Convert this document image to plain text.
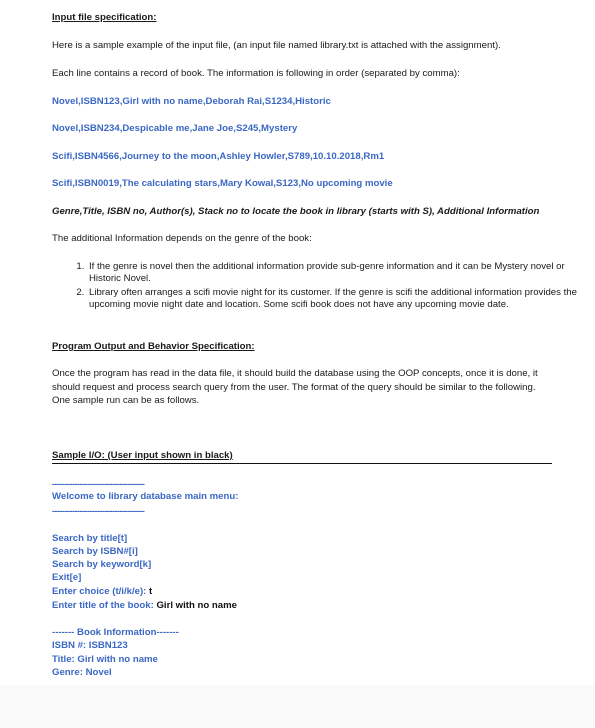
Input file specification:
Here is a sample example of the input file, (an input file named library.txt is attached with the assignment).
Each line contains a record of book. The information is following in order (separated by comma):
Novel,ISBN123,Girl with no name,Deborah Rai,S1234,Historic
Novel,ISBN234,Despicable me,Jane Joe,S245,Mystery
Scifi,ISBN4566,Journey to the moon,Ashley Howler,S789,10.10.2018,Rm1
Scifi,ISBN0019,The calculating stars,Mary Kowal,S123,No upcoming movie
Genre,Title, ISBN no, Author(s), Stack no to locate the book in library (starts with S), Additional Information
The additional Information depends on the genre of the book:
1. If the genre is novel then the additional information provide sub-genre information and it can be Mystery novel or Historic Novel.
2. Library often arranges a scifi movie night for its customer. If the genre is scifi the additional information provides the upcoming movie night date and location. Some scifi book does not have any upcoming movie date.
Program Output and Behavior Specification:
Once the program has read in the data file, it should build the database using the OOP concepts, once it is done, it should request and process search query from the user. The format of the query should be similar to the following. One sample run can be as follows.
Sample I/O: (User input shown in black)
-------------------------------------
Welcome to library database main menu:
-------------------------------------
Search by title[t]
Search by ISBN#[i]
Search by keyword[k]
Exit[e]
Enter choice (t/i/k/e): t
Enter title of the book: Girl with no name
------- Book Information-------
ISBN #: ISBN123
Title: Girl with no name
Genre: Novel
